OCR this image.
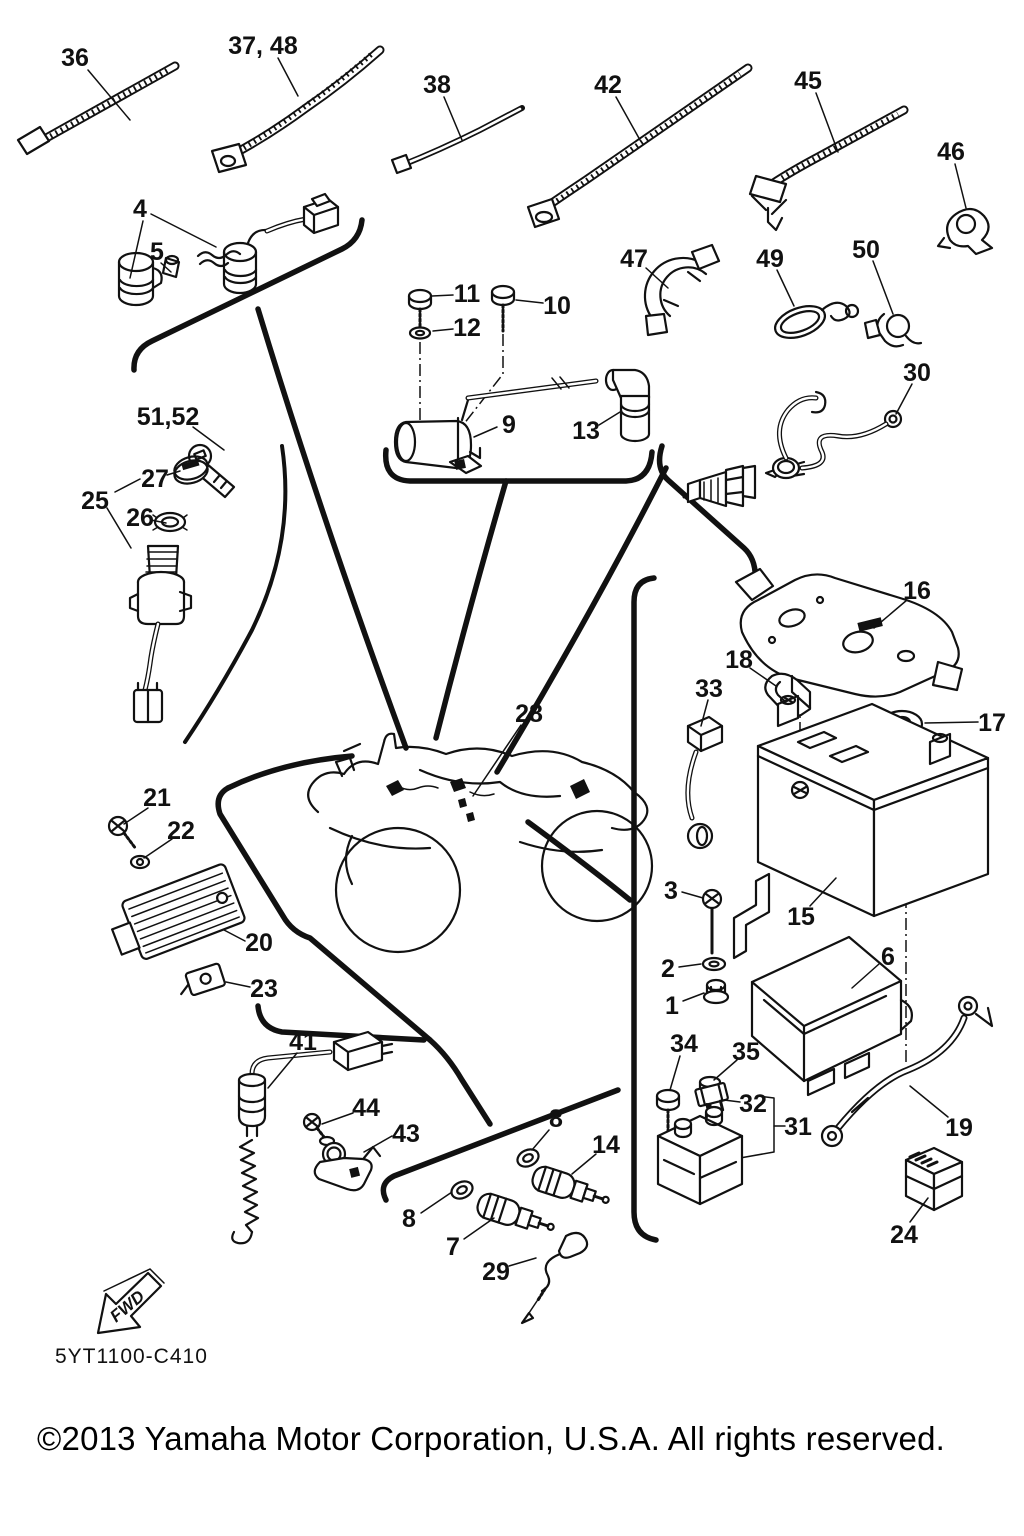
FWD
5YT1100-C410
36	37, 48
38	42	45
46
4
5	47	49	50
11	10
12
30
9 13
51,52
27
25
26
16
18
33
17
28
21
22
20
23
3
15
2	6
1
41	34 35
44	32
31
43
8
14
19
8
7	24
29
©2013 Yamaha Motor Corporation, U.S.A. All rights reserved.
